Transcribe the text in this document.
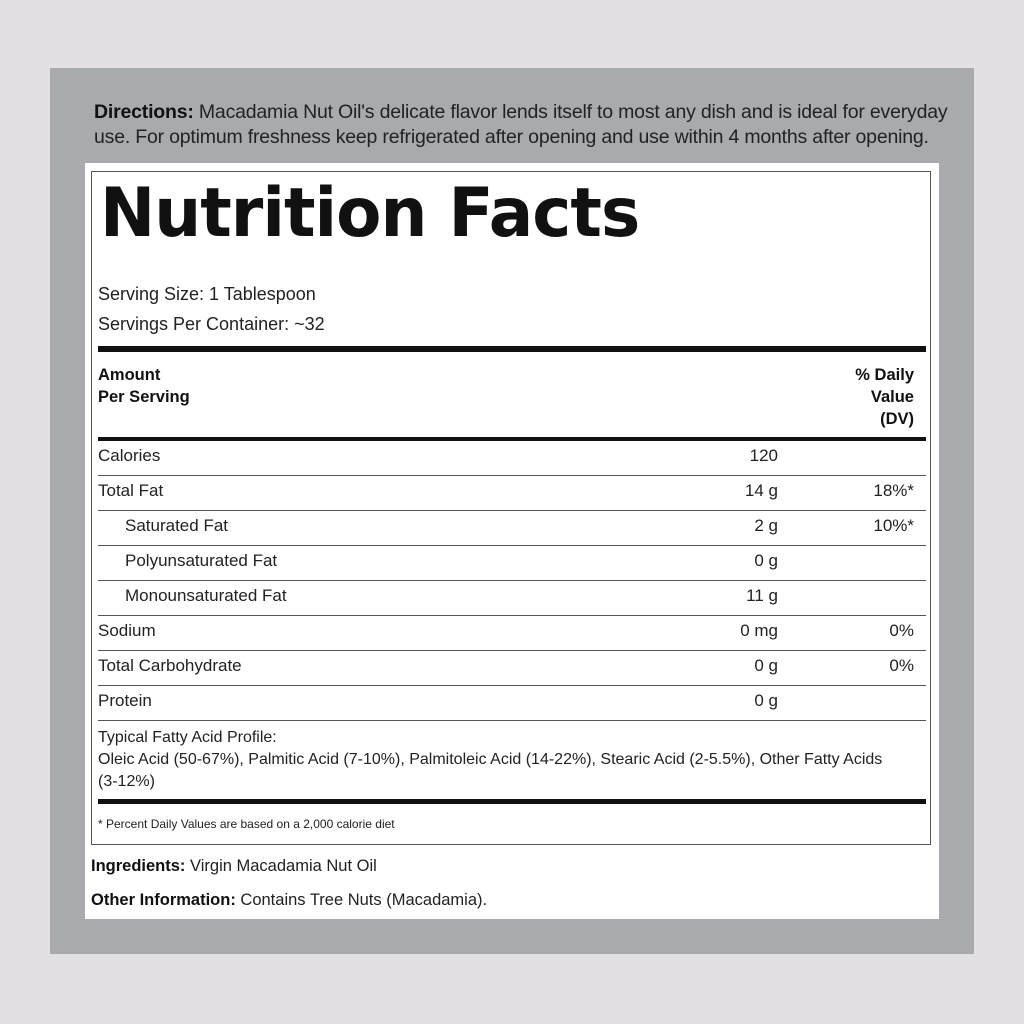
Directions: Macadamia Nut Oil's delicate flavor lends itself to most any dish and is ideal for everyday use. For optimum freshness keep refrigerated after opening and use within 4 months after opening.
Nutrition Facts
Serving Size: 1 Tablespoon
Servings Per Container: ~32
Amount
Per Serving
% Daily
Value
(DV)
Calories	120
Total Fat	14 g	18%*
Saturated Fat	2 g	10%*
Polyunsaturated Fat	0 g
Monounsaturated Fat	11 g
Sodium	0 mg	0%
Total Carbohydrate	0 g	0%
Protein	0 g
Typical Fatty Acid Profile:
Oleic Acid (50-67%), Palmitic Acid (7-10%), Palmitoleic Acid (14-22%), Stearic Acid (2-5.5%), Other Fatty Acids (3-12%)
* Percent Daily Values are based on a 2,000 calorie diet
Ingredients: Virgin Macadamia Nut Oil
Other Information: Contains Tree Nuts (Macadamia).
